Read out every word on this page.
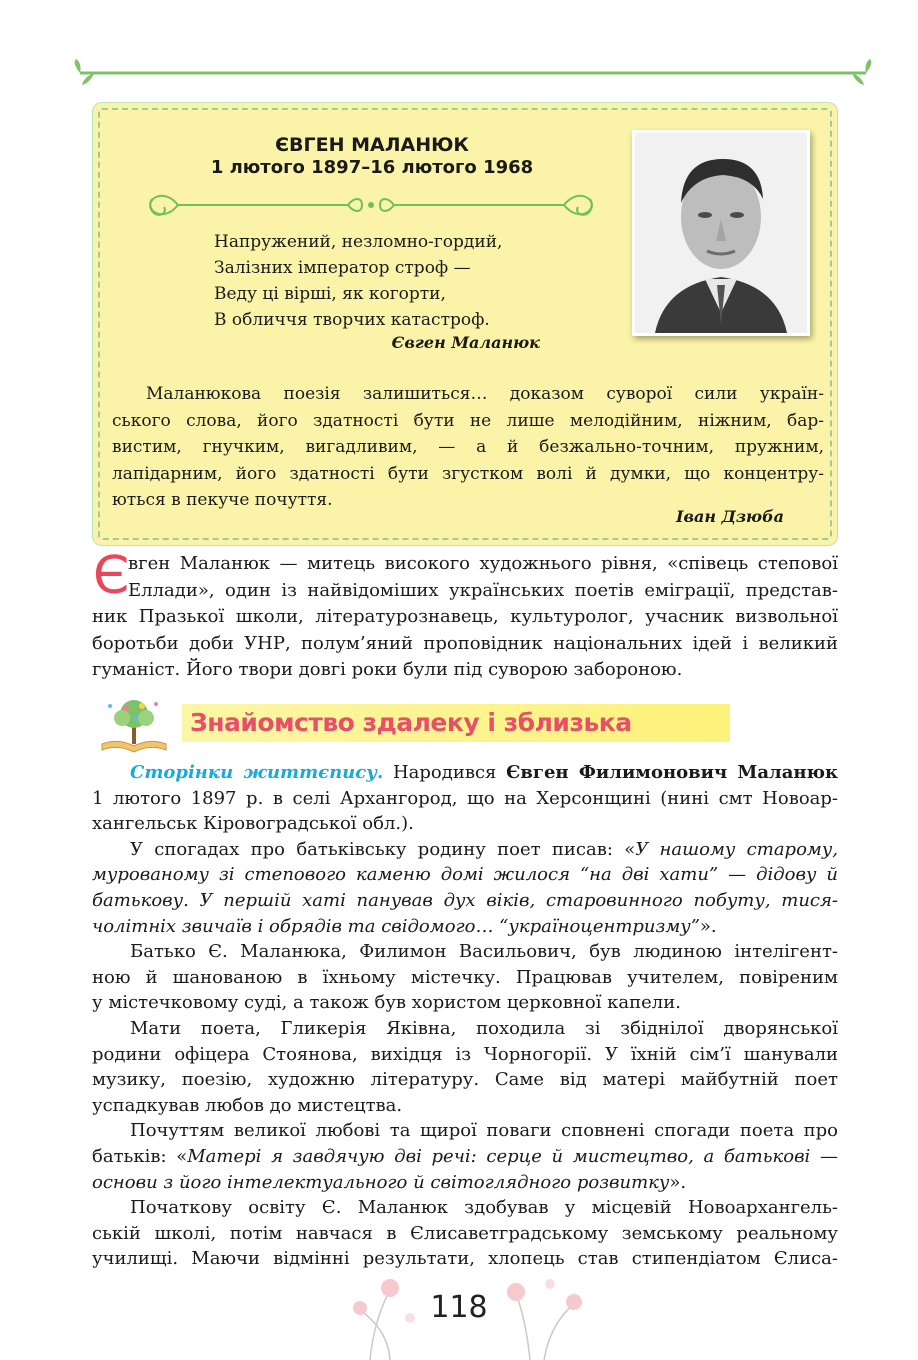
ЄВГЕН МАЛАНЮК
1 лютого 1897–16 лютого 1968
Напружений, незломно-гордий,
Залізних імператор строф —
Веду ці вірші, як когорти,
В обличчя творчих катастроф.
Євген Маланюк
Маланюкова поезія залишиться… доказом суворої сили україн-
ського слова, його здатності бути не лише мелодійним, ніжним, бар-
вистим, гнучким, вигадливим, — а й безжально-точним, пружним,
лапідарним, його здатності бути згустком волі й думки, що концентру-
ються в пекуче почуття.
Іван Дзюба
Є
вген Маланюк — митець високого художнього рівня, «співець степової
Еллади», один із найвідоміших українських поетів еміграції, представ-
ник Празької школи, літературознавець, культуролог, учасник визвольної
боротьби доби УНР, полум’яний проповідник національних ідей і великий
гуманіст. Його твори довгі роки були під суворою забороною.
Знайомство здалеку і зблизька
Сторінки життєпису. Народився Євген Филимонович Маланюк
1 лютого 1897 р. в селі Архангород, що на Херсонщині (нині смт Новоар-
хангельськ Кіровоградської обл.).
У спогадах про батьківську родину поет писав: «У нашому старому,
мурованому зі степового каменю домі жилося “на дві хати” — дідову й
батькову. У першій хаті панував дух віків, старовинного побуту, тися-
чолітніх звичаїв і обрядів та свідомого… “україноцентризму”».
Батько Є. Маланюка, Филимон Васильович, був людиною інтелігент-
ною й шанованою в їхньому містечку. Працював учителем, повіреним
у містечковому суді, а також був хористом церковної капели.
Мати поета, Гликерія Яківна, походила зі збіднілої дворянської
родини офіцера Стоянова, вихідця із Чорногорії. У їхній сім’ї шанували
музику, поезію, художню літературу. Саме від матері майбутній поет
успадкував любов до мистецтва.
Почуттям великої любові та щирої поваги сповнені спогади поета про
батьків: «Матері я завдячую дві речі: серце й мистецтво, а батькові —
основи з його інтелектуального й світоглядного розвитку».
Початкову освіту Є. Маланюк здобував у місцевій Новоархангель-
ській школі, потім навчася в Єлисаветградському земському реальному
училищі. Маючи відмінні результати, хлопець став стипендіатом Єлиса-
118
